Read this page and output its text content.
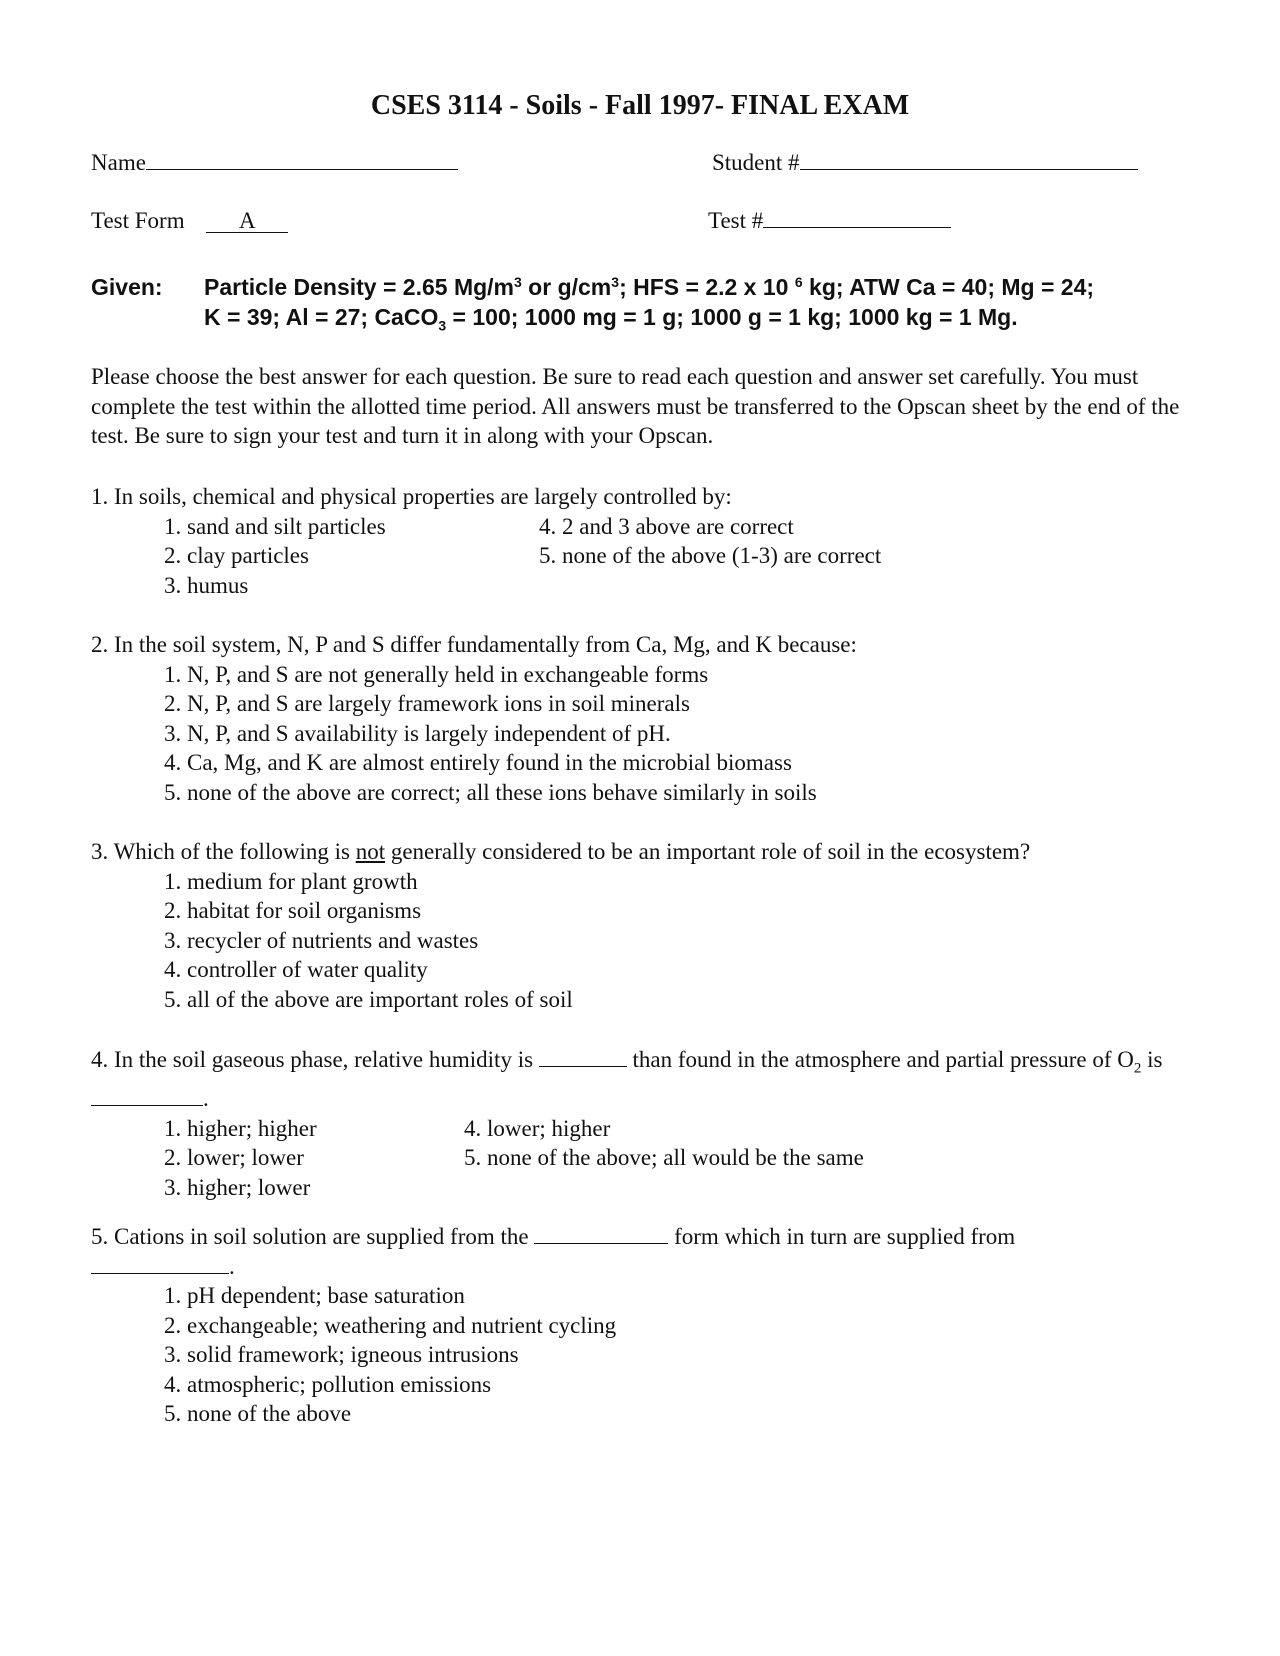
CSES 3114 - Soils - Fall 1997- FINAL EXAM
Name	Student #
Test Form A	Test #
Given: Particle Density = 2.65 $Mg/m^3$ or $g/cm^3$; HFS = 2.2 x 10 $^6$ kg; ATW Ca = 40; Mg = 24;
K = 39; Al = 27; CaCO$_3$ = 100; 1000 mg = 1 g; 1000 g = 1 kg; 1000 kg = 1 Mg.
Please choose the best answer for each question. Be sure to read each question and answer set carefully. You must complete the test within the allotted time period. All answers must be transferred to the Opscan sheet by the end of the test. Be sure to sign your test and turn it in along with your Opscan.

1. In soils, chemical and physical properties are largely controlled by:

1. sand and silt particles	4. 2 and 3 above are correct
2. clay particles	5. none of the above (1-3) are correct
3. humus

2. In the soil system, N, P and S differ fundamentally from Ca, Mg, and K because:

1. N, P, and S are not generally held in exchangeable forms
2. N, P, and S are largely framework ions in soil minerals
3. N, P, and S availability is largely independent of pH.
4. Ca, Mg, and K are almost entirely found in the microbial biomass
5. none of the above are correct; all these ions behave similarly in soils

3. Which of the following is not generally considered to be an important role of soil in the ecosystem?

1. medium for plant growth
2. habitat for soil organisms
3. recycler of nutrients and wastes
4. controller of water quality
5. all of the above are important roles of soil

4. In the soil gaseous phase, relative humidity is	than found in the atmosphere and partial pressure of $O_2$ is .

1. higher; higher	4. lower; higher
2. lower; lower	5. none of the above; all would be the same
3. higher; lower

5. Cations in soil solution are supplied from the	form which in turn are supplied from .

1. pH dependent; base saturation
2. exchangeable; weathering and nutrient cycling
3. solid framework; igneous intrusions
4. atmospheric; pollution emissions
5. none of the above
